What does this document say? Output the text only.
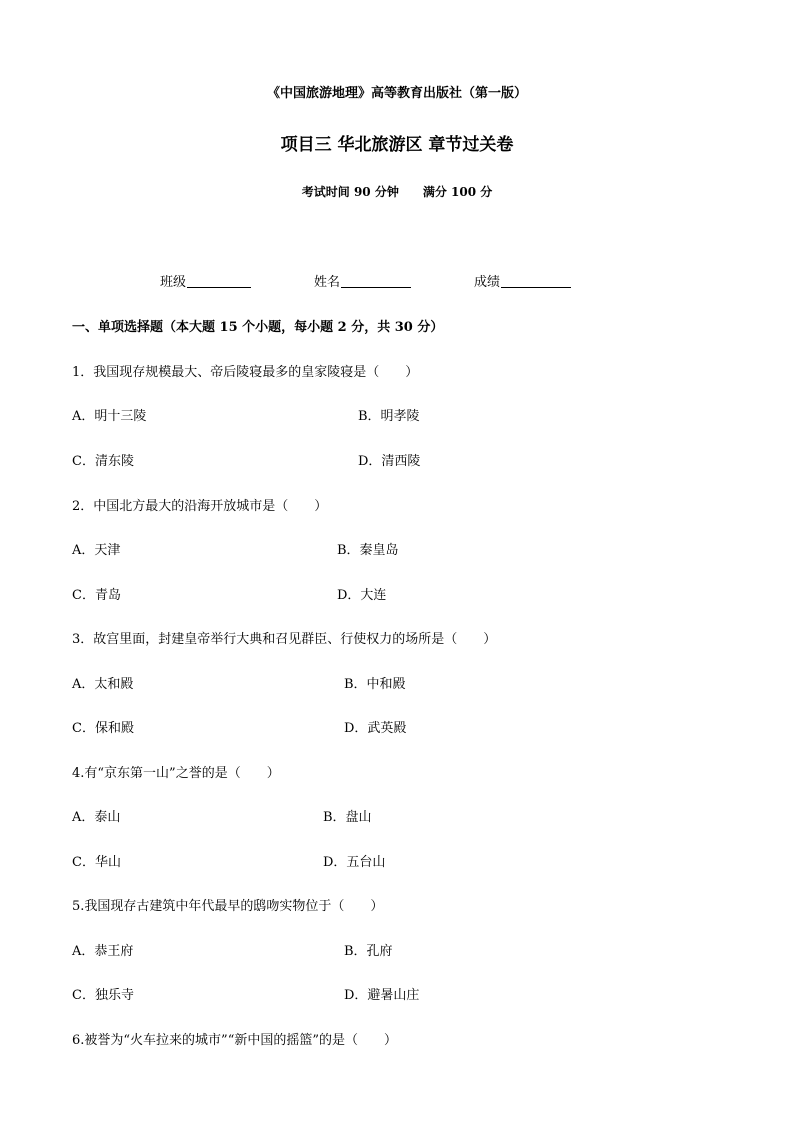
《中国旅游地理》高等教育出版社（第一版）
项目三 华北旅游区 章节过关卷
考试时间 90 分钟 满分 100 分
班级	姓名	成绩
一、单项选择题（本大题 15 个小题，每小题 2 分，共 30 分）
1．我国现存规模最大、帝后陵寝最多的皇家陵寝是（　　）
A．明十三陵	B．明孝陵
C．清东陵	D．清西陵
2．中国北方最大的沿海开放城市是（　　）
A．天津	B．秦皇岛
C．青岛	D．大连
3．故宫里面，封建皇帝举行大典和召见群臣、行使权力的场所是（　　）
A．太和殿	B．中和殿
C．保和殿	D．武英殿
4.有“京东第一山”之誉的是（　　）
A．泰山	B．盘山
C．华山	D．五台山
5.我国现存古建筑中年代最早的鸱吻实物位于（　　）
A．恭王府	B．孔府
C．独乐寺	D．避暑山庄
6.被誉为“火车拉来的城市”“新中国的摇篮”的是（　　）
